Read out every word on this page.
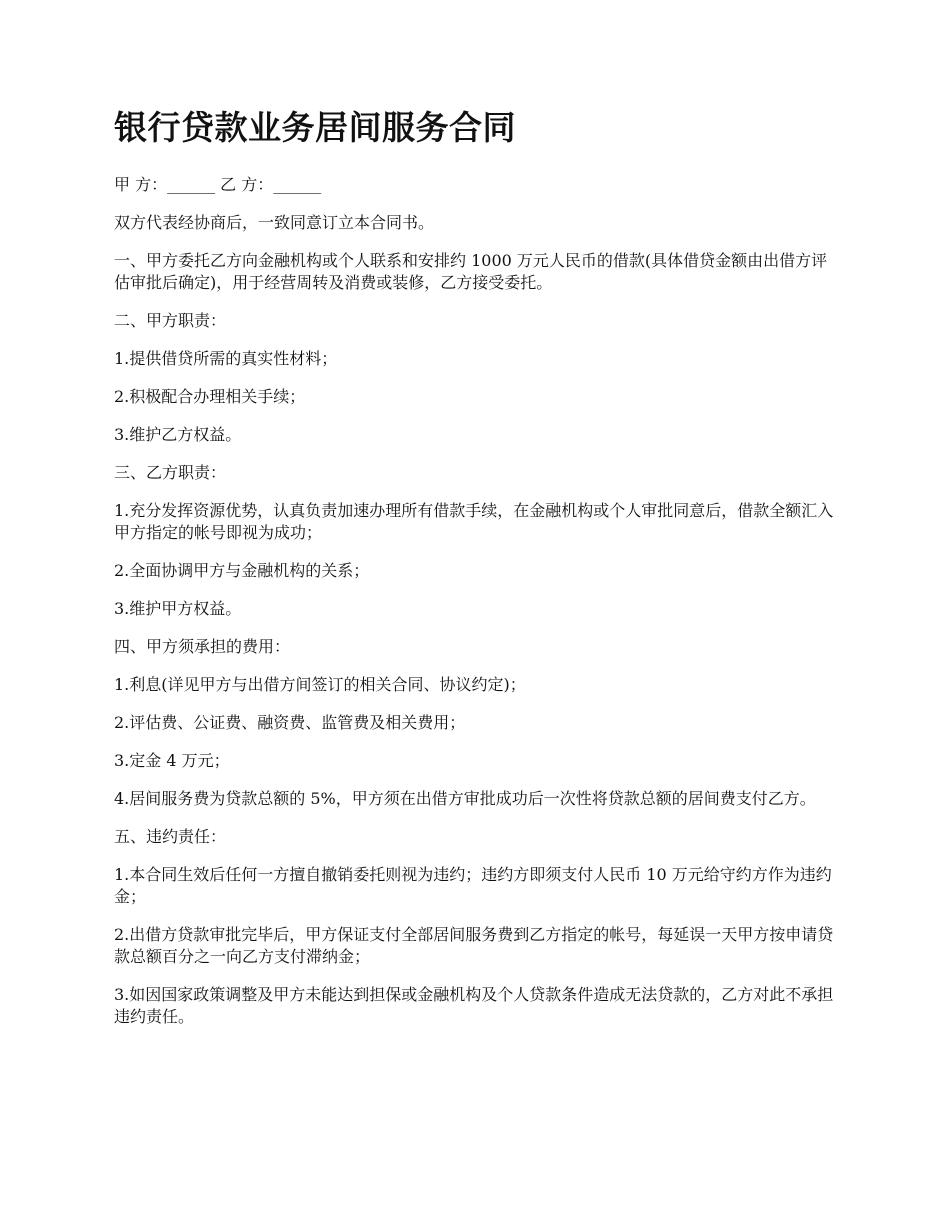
银行贷款业务居间服务合同
甲 方：______ 乙 方：______
双方代表经协商后，一致同意订立本合同书。
一、甲方委托乙方向金融机构或个人联系和安排约 1000 万元人民币的借款(具体借贷金额由出借方评估审批后确定)，用于经营周转及消费或装修，乙方接受委托。
二、甲方职责：
1.提供借贷所需的真实性材料；
2.积极配合办理相关手续；
3.维护乙方权益。
三、乙方职责：
1.充分发挥资源优势，认真负责加速办理所有借款手续，在金融机构或个人审批同意后，借款全额汇入甲方指定的帐号即视为成功；
2.全面协调甲方与金融机构的关系；
3.维护甲方权益。
四、甲方须承担的费用：
1.利息(详见甲方与出借方间签订的相关合同、协议约定)；
2.评估费、公证费、融资费、监管费及相关费用；
3.定金 4 万元；
4.居间服务费为贷款总额的 5%，甲方须在出借方审批成功后一次性将贷款总额的居间费支付乙方。
五、违约责任：
1.本合同生效后任何一方擅自撤销委托则视为违约；违约方即须支付人民币 10 万元给守约方作为违约金；
2.出借方贷款审批完毕后，甲方保证支付全部居间服务费到乙方指定的帐号，每延误一天甲方按申请贷款总额百分之一向乙方支付滞纳金；
3.如因国家政策调整及甲方未能达到担保或金融机构及个人贷款条件造成无法贷款的，乙方对此不承担违约责任。
